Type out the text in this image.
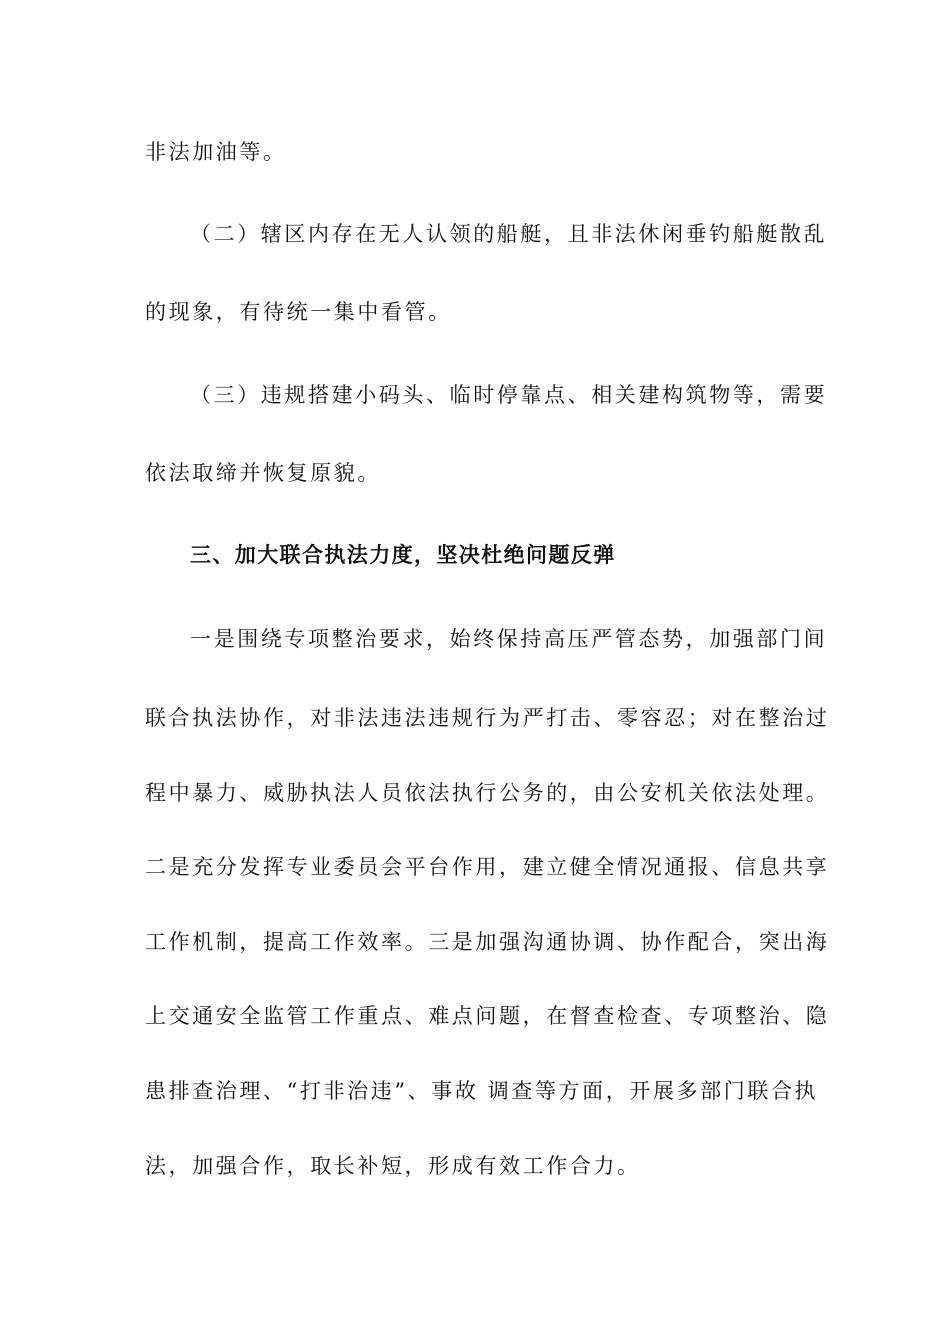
非法加油等。
（二）辖区内存在无人认领的船艇，且非法休闲垂钓船艇散乱
的现象，有待统一集中看管。
（三）违规搭建小码头、临时停靠点、相关建构筑物等，需要
依法取缔并恢复原貌。
三、加大联合执法力度，坚决杜绝问题反弹
一是围绕专项整治要求，始终保持高压严管态势，加强部门间
联合执法协作，对非法违法违规行为严打击、零容忍；对在整治过
程中暴力、威胁执法人员依法执行公务的，由公安机关依法处理。
二是充分发挥专业委员会平台作用，建立健全情况通报、信息共享
工作机制，提高工作效率。三是加强沟通协调、协作配合，突出海
上交通安全监管工作重点、难点问题，在督查检查、专项整治、隐
患排查治理、“打非治违”、事故 调查等方面，开展多部门联合执
法，加强合作，取长补短，形成有效工作合力。
